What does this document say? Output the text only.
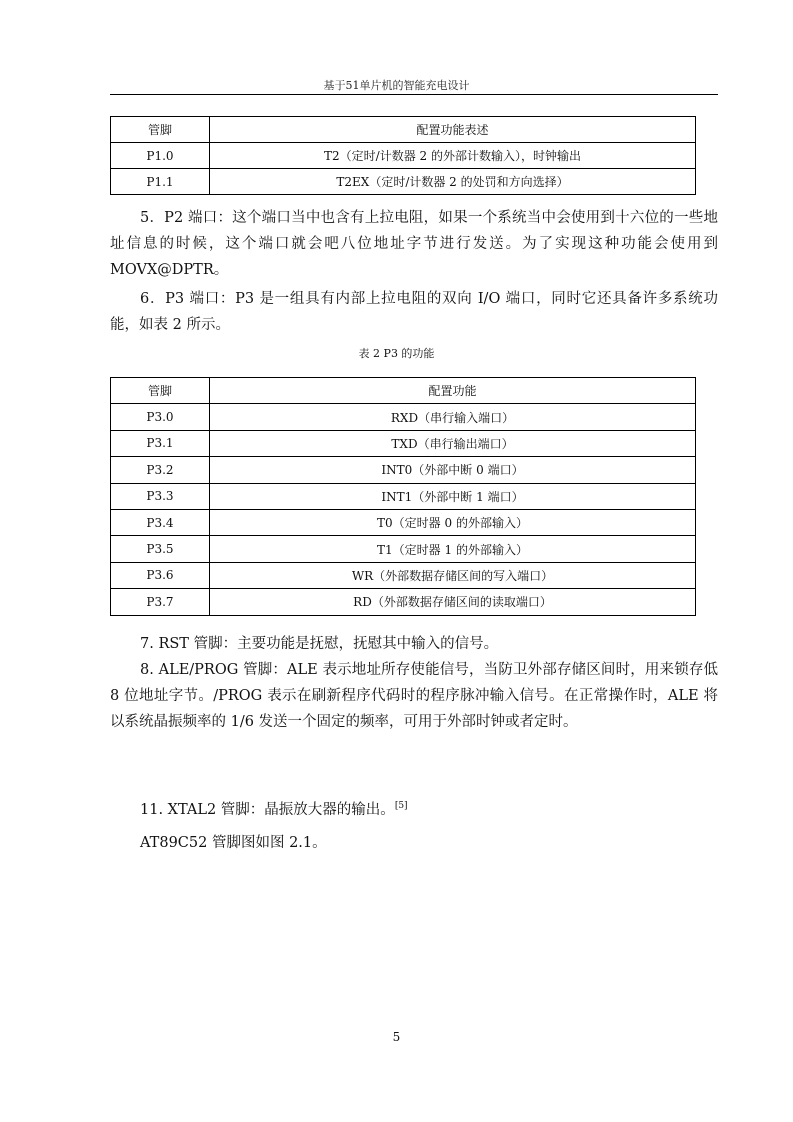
基于51单片机的智能充电设计
管脚	配置功能表述
P1.0	T2（定时/计数器 2 的外部计数输入），时钟输出
P1.1	T2EX（定时/计数器 2 的处罚和方向选择）
5．P2 端口：这个端口当中也含有上拉电阻，如果一个系统当中会使用到十六位的一些地址信息的时候，这个端口就会吧八位地址字节进行发送。为了实现这种功能会使用到 MOVX@DPTR。
6．P3 端口：P3 是一组具有内部上拉电阻的双向 I/O 端口，同时它还具备许多系统功能，如表 2 所示。
表 2 P3 的功能
管脚	配置功能
P3.0	RXD（串行输入端口）
P3.1	TXD（串行输出端口）
P3.2	INT0（外部中断 0 端口）
P3.3	INT1（外部中断 1 端口）
P3.4	T0（定时器 0 的外部输入）
P3.5	T1（定时器 1 的外部输入）
P3.6	WR（外部数据存储区间的写入端口）
P3.7	RD（外部数据存储区间的读取端口）
7. RST 管脚：主要功能是抚慰，抚慰其中输入的信号。
8. ALE/PROG 管脚：ALE 表示地址所存使能信号，当防卫外部存储区间时，用来锁存低 8 位地址字节。/PROG 表示在刷新程序代码时的程序脉冲输入信号。在正常操作时，ALE 将以系统晶振频率的 1/6 发送一个固定的频率，可用于外部时钟或者定时。
11. XTAL2 管脚：晶振放大器的输出。[5]
AT89C52 管脚图如图 2.1。
5
